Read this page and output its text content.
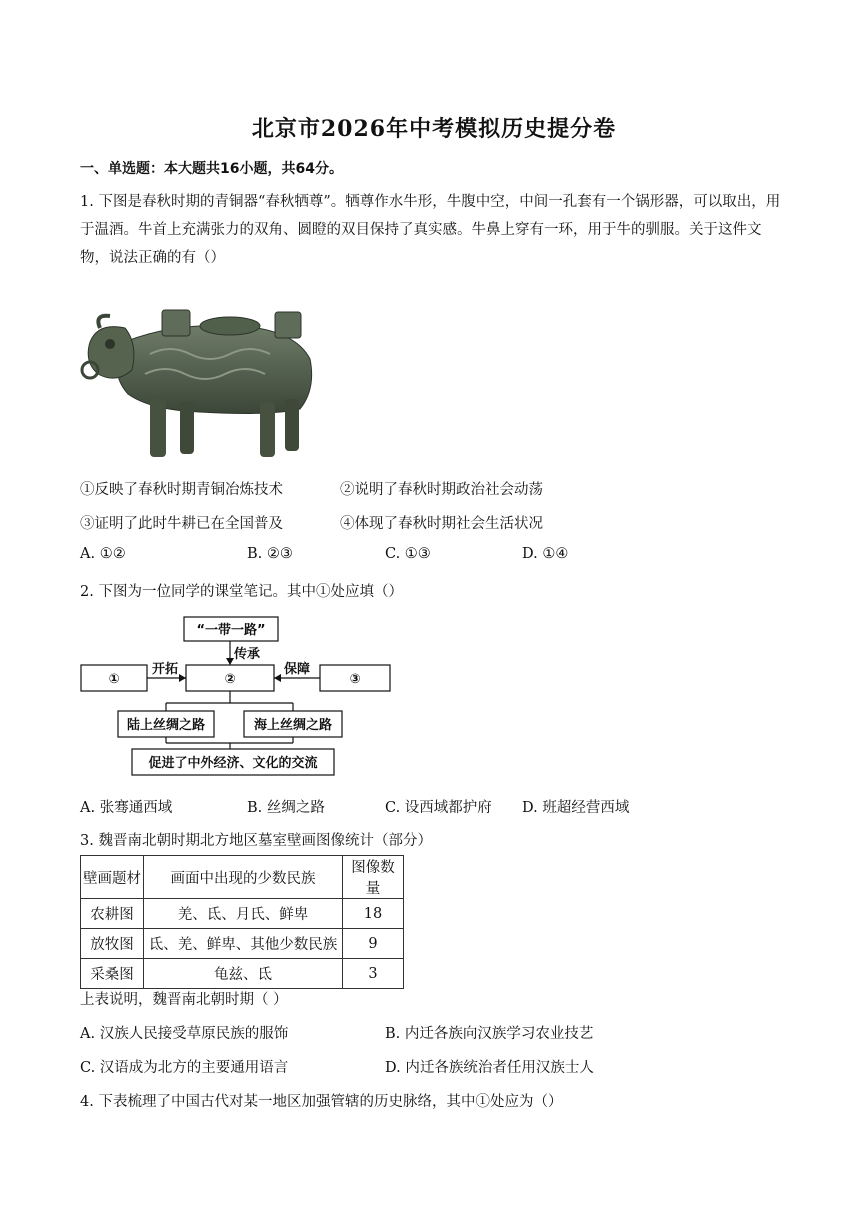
北京市2026年中考模拟历史提分卷
一、单选题：本大题共16小题，共64分。
1. 下图是春秋时期的青铜器“春秋牺尊”。牺尊作水牛形，牛腹中空，中间一孔套有一个锅形器，可以取出，用于温酒。牛首上充满张力的双角、圆瞪的双目保持了真实感。牛鼻上穿有一环，用于牛的驯服。关于这件文物，说法正确的有（）
①反映了春秋时期青铜冶炼技术	②说明了春秋时期政治社会动荡
③证明了此时牛耕已在全国普及	④体现了春秋时期社会生活状况
A. ①②	B. ②③	C. ①③	D. ①④
2. 下图为一位同学的课堂笔记。其中①处应填（）
“一带一路”
传承
①
开拓
②
保障
③
陆上丝绸之路	海上丝绸之路
促进了中外经济、文化的交流
A. 张骞通西域	B. 丝绸之路	C. 设西域都护府 D. 班超经营西域
3. 魏晋南北朝时期北方地区墓室壁画图像统计（部分）
壁画题材	画面中出现的少数民族	图像数量
农耕图	羌、氐、月氏、鲜卑	18
放牧图	氐、羌、鲜卑、其他少数民族	9
采桑图	龟兹、氐	3
上表说明，魏晋南北朝时期（ ）
A. 汉族人民接受草原民族的服饰	B. 内迁各族向汉族学习农业技艺
C. 汉语成为北方的主要通用语言	D. 内迁各族统治者任用汉族士人
4. 下表梳理了中国古代对某一地区加强管辖的历史脉络，其中①处应为（）
